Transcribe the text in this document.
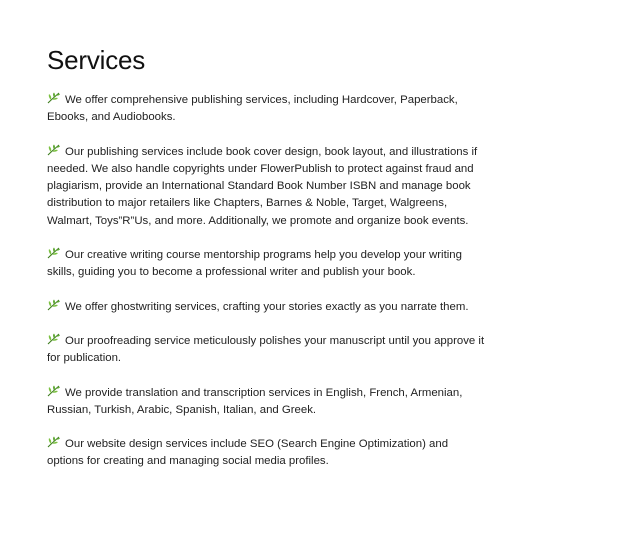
Services

We offer comprehensive publishing services, including Hardcover, Paperback, Ebooks, and Audiobooks.

Our publishing services include book cover design, book layout, and illustrations if needed. We also handle copyrights under FlowerPublish to protect against fraud and plagiarism, provide an International Standard Book Number ISBN and manage book distribution to major retailers like Chapters, Barnes & Noble, Target, Walgreens, Walmart, Toys”R”Us, and more. Additionally, we promote and organize book events.

Our creative writing course mentorship programs help you develop your writing skills, guiding you to become a professional writer and publish your book.

We offer ghostwriting services, crafting your stories exactly as you narrate them.

Our proofreading service meticulously polishes your manuscript until you approve it for publication.

We provide translation and transcription services in English, French, Armenian, Russian, Turkish, Arabic, Spanish, Italian, and Greek.

Our website design services include SEO (Search Engine Optimization) and options for creating and managing social media profiles.
